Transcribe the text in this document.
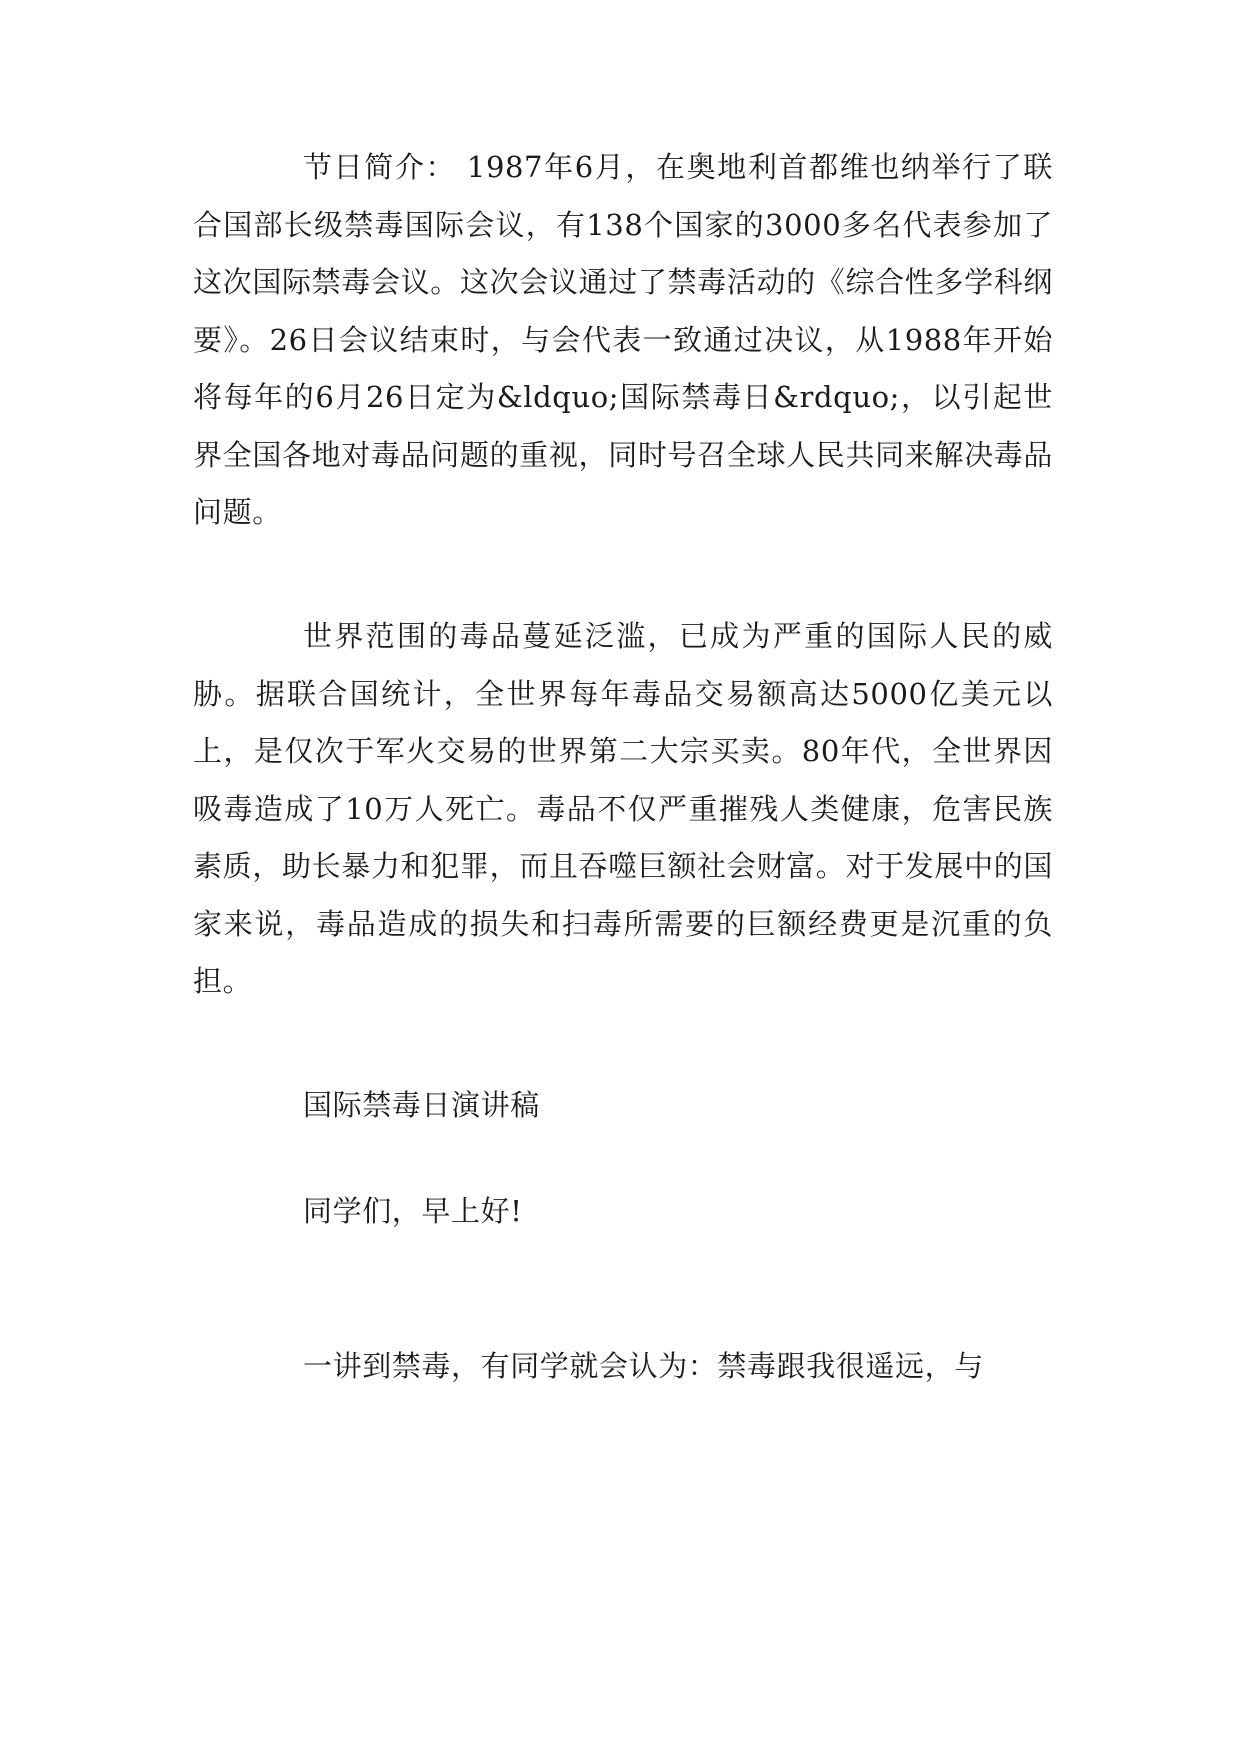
节日简介： 1987年6月，在奥地利首都维也纳举行了联合国部长级禁毒国际会议，有138个国家的3000多名代表参加了这次国际禁毒会议。这次会议通过了禁毒活动的《综合性多学科纲要》。26日会议结束时，与会代表一致通过决议，从1988年开始将每年的6月26日定为&ldquo;国际禁毒日&rdquo;，以引起世界全国各地对毒品问题的重视，同时号召全球人民共同来解决毒品问题。

世界范围的毒品蔓延泛滥，已成为严重的国际人民的威胁。据联合国统计，全世界每年毒品交易额高达5000亿美元以上，是仅次于军火交易的世界第二大宗买卖。80年代，全世界因吸毒造成了10万人死亡。毒品不仅严重摧残人类健康，危害民族素质，助长暴力和犯罪，而且吞噬巨额社会财富。对于发展中的国家来说，毒品造成的损失和扫毒所需要的巨额经费更是沉重的负担。

国际禁毒日演讲稿

同学们，早上好!

一讲到禁毒，有同学就会认为：禁毒跟我很遥远，与
